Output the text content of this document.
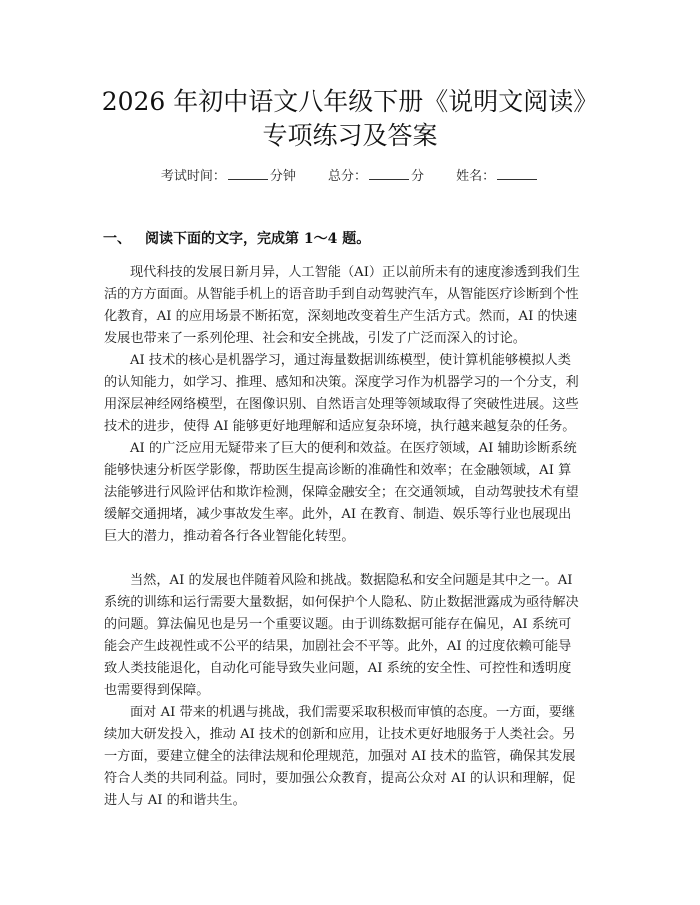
2026 年初中语文八年级下册《说明文阅读》
专项练习及答案
考试时间：	分钟 总分：	分 姓名：
一、 阅读下面的文字，完成第 1～4 题。
现代科技的发展日新月异，人工智能（AI）正以前所未有的速度渗透到我们生
活的方方面面。从智能手机上的语音助手到自动驾驶汽车，从智能医疗诊断到个性
化教育，AI 的应用场景不断拓宽，深刻地改变着生产生活方式。然而，AI 的快速
发展也带来了一系列伦理、社会和安全挑战，引发了广泛而深入的讨论。
AI 技术的核心是机器学习，通过海量数据训练模型，使计算机能够模拟人类
的认知能力，如学习、推理、感知和决策。深度学习作为机器学习的一个分支，利
用深层神经网络模型，在图像识别、自然语言处理等领域取得了突破性进展。这些
技术的进步，使得 AI 能够更好地理解和适应复杂环境，执行越来越复杂的任务。
AI 的广泛应用无疑带来了巨大的便利和效益。在医疗领域，AI 辅助诊断系统
能够快速分析医学影像，帮助医生提高诊断的准确性和效率；在金融领域，AI 算
法能够进行风险评估和欺诈检测，保障金融安全；在交通领域，自动驾驶技术有望
缓解交通拥堵，减少事故发生率。此外，AI 在教育、制造、娱乐等行业也展现出
巨大的潜力，推动着各行各业智能化转型。
当然，AI 的发展也伴随着风险和挑战。数据隐私和安全问题是其中之一。AI
系统的训练和运行需要大量数据，如何保护个人隐私、防止数据泄露成为亟待解决
的问题。算法偏见也是另一个重要议题。由于训练数据可能存在偏见，AI 系统可
能会产生歧视性或不公平的结果，加剧社会不平等。此外，AI 的过度依赖可能导
致人类技能退化，自动化可能导致失业问题，AI 系统的安全性、可控性和透明度
也需要得到保障。
面对 AI 带来的机遇与挑战，我们需要采取积极而审慎的态度。一方面，要继
续加大研发投入，推动 AI 技术的创新和应用，让技术更好地服务于人类社会。另
一方面，要建立健全的法律法规和伦理规范，加强对 AI 技术的监管，确保其发展
符合人类的共同利益。同时，要加强公众教育，提高公众对 AI 的认识和理解，促
进人与 AI 的和谐共生。
